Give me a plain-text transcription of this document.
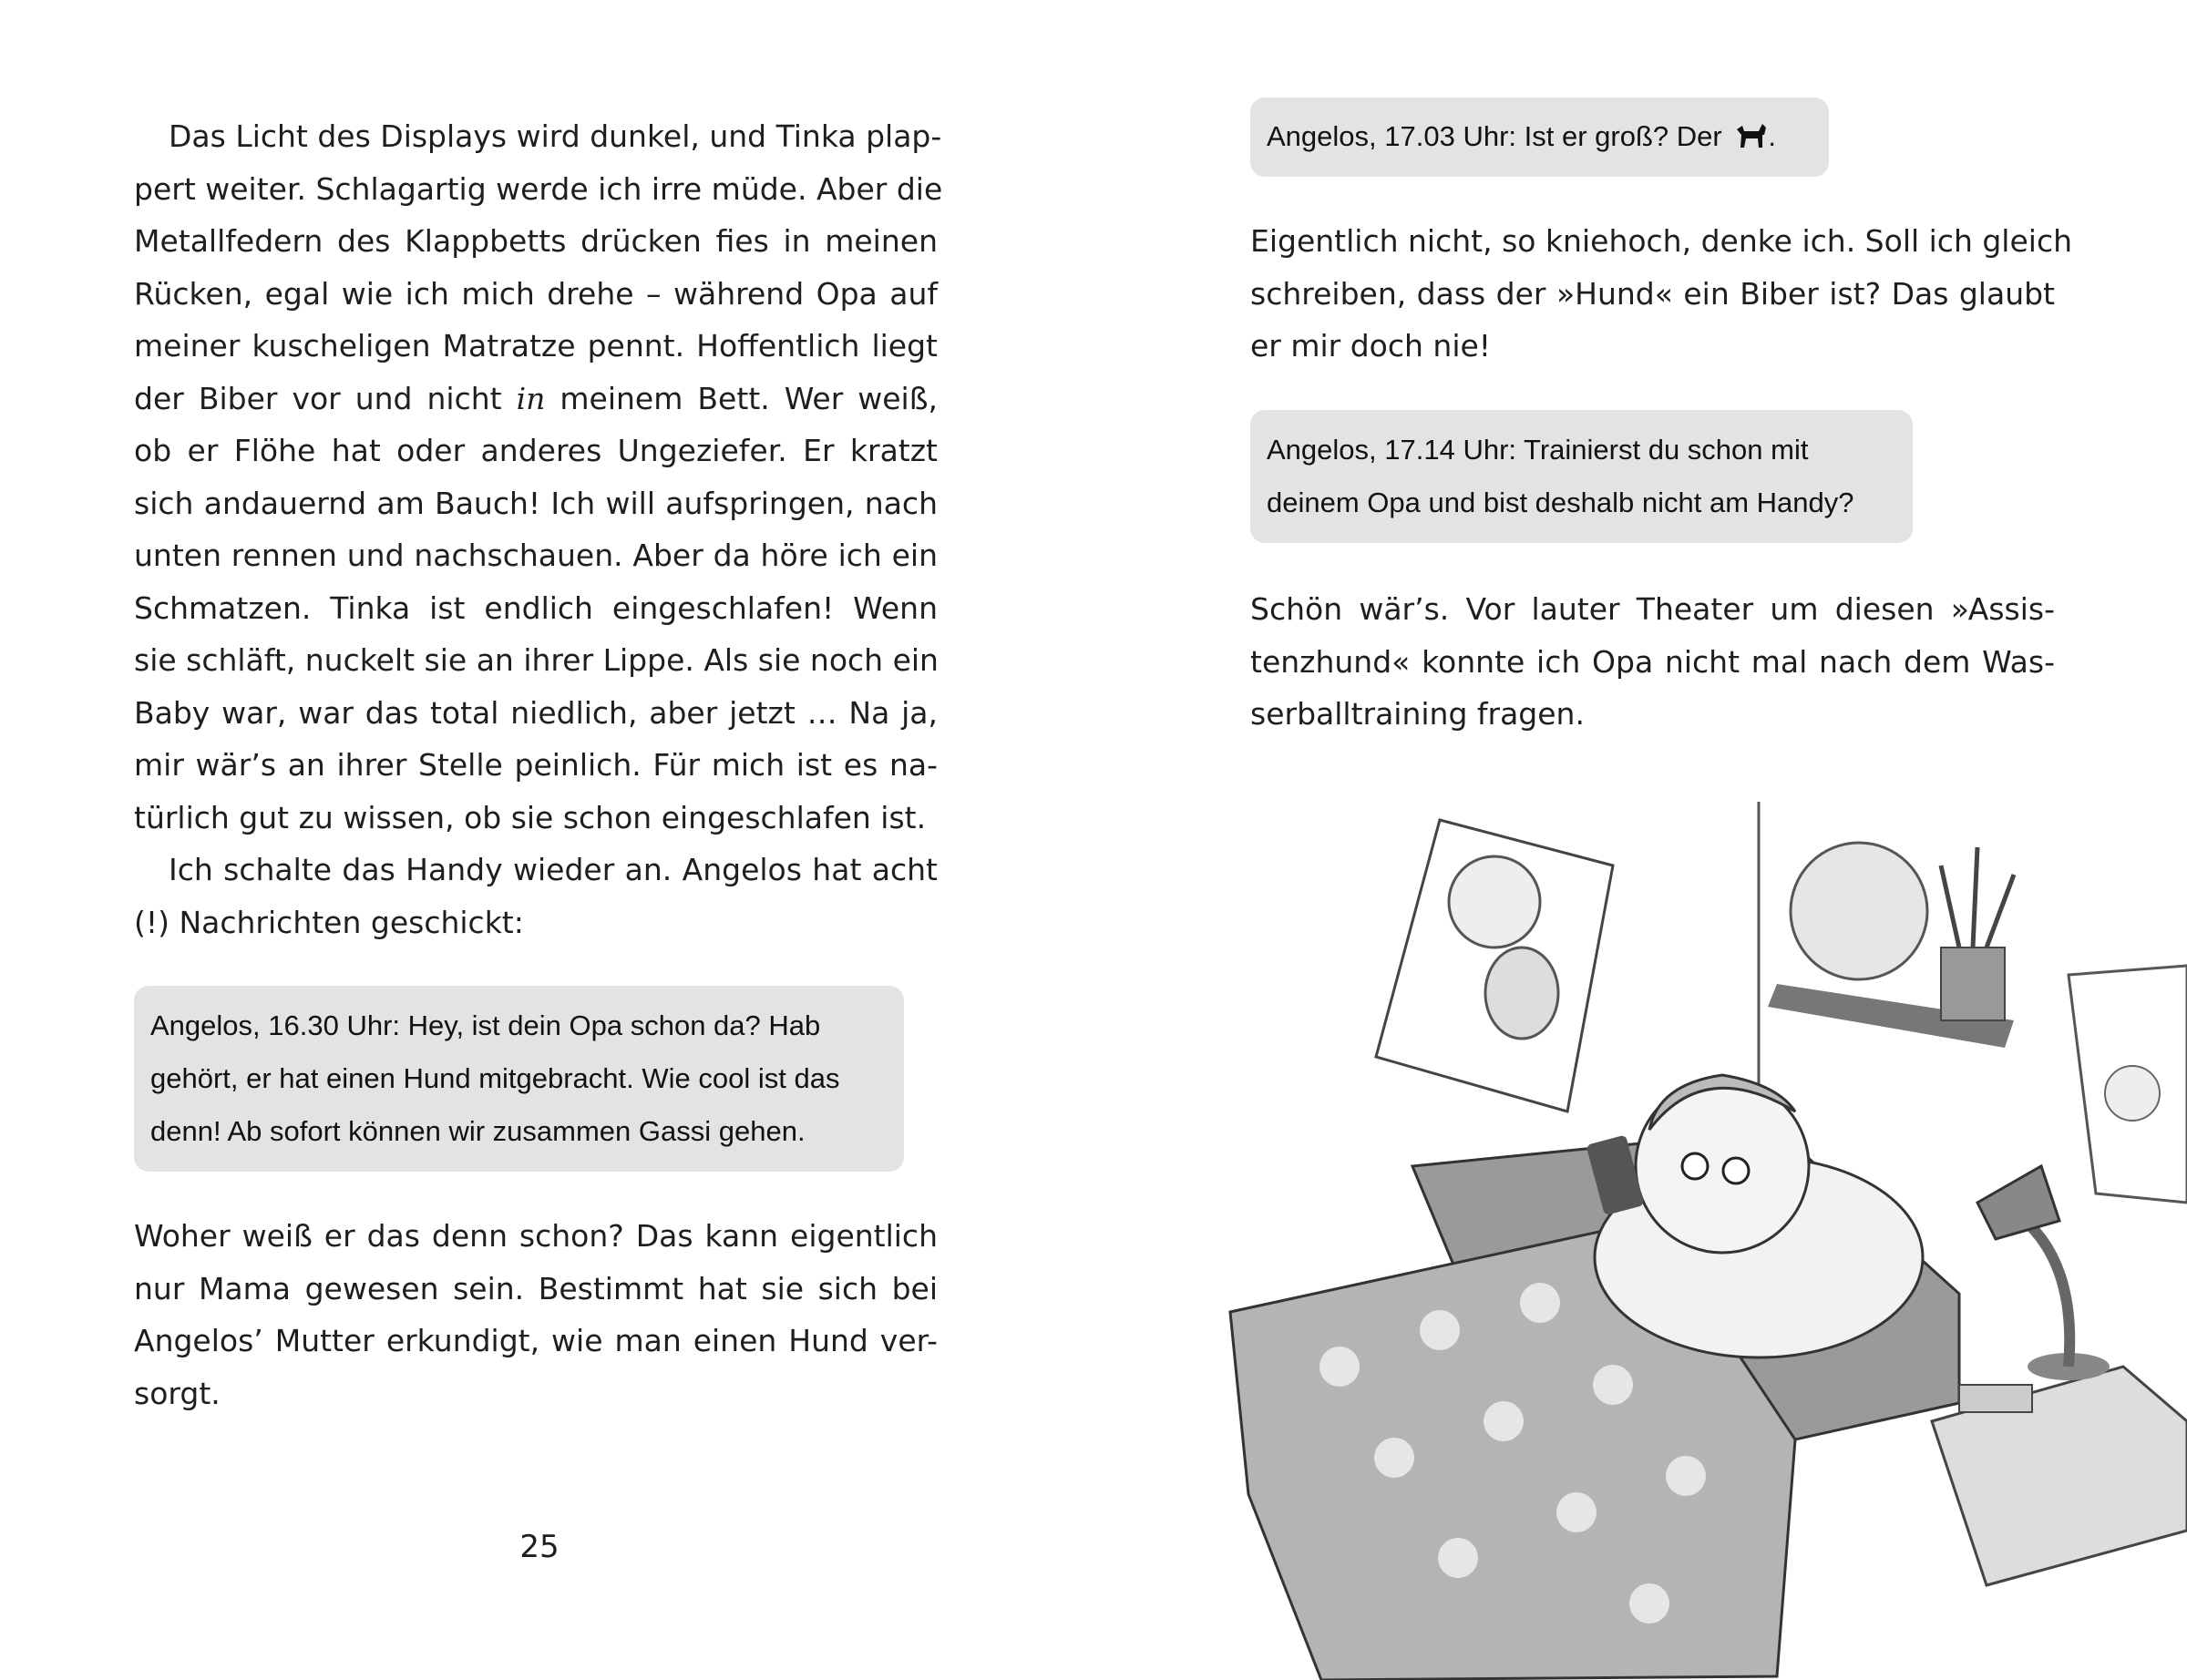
Das Licht des Displays wird dunkel, und Tinka plap-
pert weiter. Schlagartig werde ich irre müde. Aber die
Metallfedern des Klappbetts drücken fies in meinen
Rücken, egal wie ich mich drehe – während Opa auf
meiner kuscheligen Matratze pennt. Hoffentlich liegt
der Biber vor und nicht in meinem Bett. Wer weiß,
ob er Flöhe hat oder anderes Ungeziefer. Er kratzt
sich andauernd am Bauch! Ich will aufspringen, nach
unten rennen und nachschauen. Aber da höre ich ein
Schmatzen. Tinka ist endlich eingeschlafen! Wenn
sie schläft, nuckelt sie an ihrer Lippe. Als sie noch ein
Baby war, war das total niedlich, aber jetzt … Na ja,
mir wär’s an ihrer Stelle peinlich. Für mich ist es na-
türlich gut zu wissen, ob sie schon eingeschlafen ist.
Ich schalte das Handy wieder an. Angelos hat acht
(!) Nachrichten geschickt:
Angelos, 16.30 Uhr: Hey, ist dein Opa schon da? Hab
gehört, er hat einen Hund mitgebracht. Wie cool ist das
denn! Ab sofort können wir zusammen Gassi gehen.
Woher weiß er das denn schon? Das kann eigentlich
nur Mama gewesen sein. Bestimmt hat sie sich bei
Angelos’ Mutter erkundigt, wie man einen Hund ver-
sorgt.
25
Angelos, 17.03 Uhr: Ist er groß? Der .
Eigentlich nicht, so kniehoch, denke ich. Soll ich gleich
schreiben, dass der »Hund« ein Biber ist? Das glaubt
er mir doch nie!
Angelos, 17.14 Uhr: Trainierst du schon mit
deinem Opa und bist deshalb nicht am Handy?
Schön wär’s. Vor lauter Theater um diesen »Assis-
tenzhund« konnte ich Opa nicht mal nach dem Was-
serballtraining fragen.
